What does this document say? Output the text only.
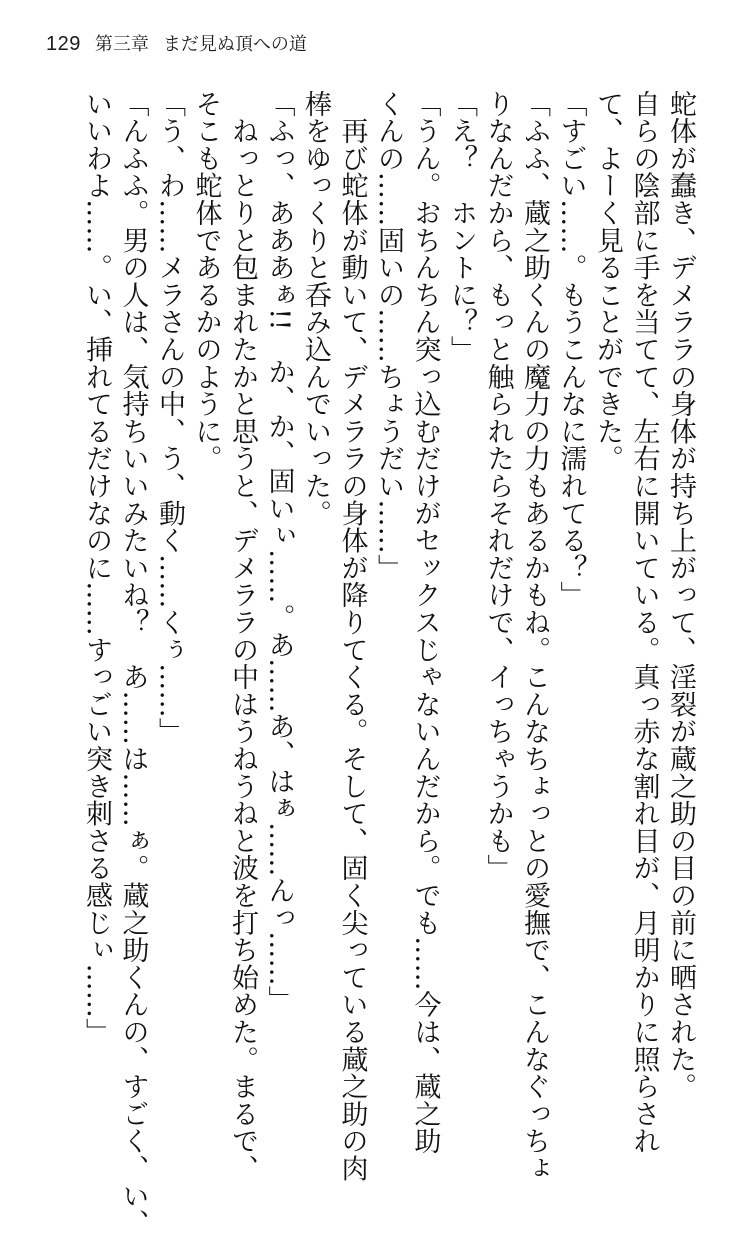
129 第三章 まだ見ぬ頂への道
蛇体が蠢き、デメララの身体が持ち上がって、淫裂が蔵之助の目の前に晒された。
自らの陰部に手を当てて、左右に開いている。真っ赤な割れ目が、月明かりに照らされ
て、よーく見ることができた。
「すごい……。もうこんなに濡れてる？」
「ふふ、蔵之助くんの魔力の力もあるかもね。こんなちょっとの愛撫で、こんなぐっちょ
りなんだから、もっと触られたらそれだけで、イっちゃうかも」
「え？　ホントに？」
「うん。おちんちん突っ込むだけがセックスじゃないんだから。でも……今は、蔵之助
くんの……固いの……ちょうだい……」
　再び蛇体が動いて、デメララの身体が降りてくる。そして、固く尖っている蔵之助の肉
棒をゆっくりと呑み込んでいった。
「ふっ、あああぁ!!　か、か、固いぃ……。あ……あ、はぁ……んっ……」
　ねっとりと包まれたかと思うと、デメララの中はうねうねと波を打ち始めた。まるで、
そこも蛇体であるかのように。
「う、わ……メラさんの中、う、動く……くぅ……」
「んふふ。男の人は、気持ちいいみたいね？　あ……は……ぁ。蔵之助くんの、すごく、い、
いいわよ……。い、挿れてるだけなのに……すっごい突き刺さる感じぃ……」
